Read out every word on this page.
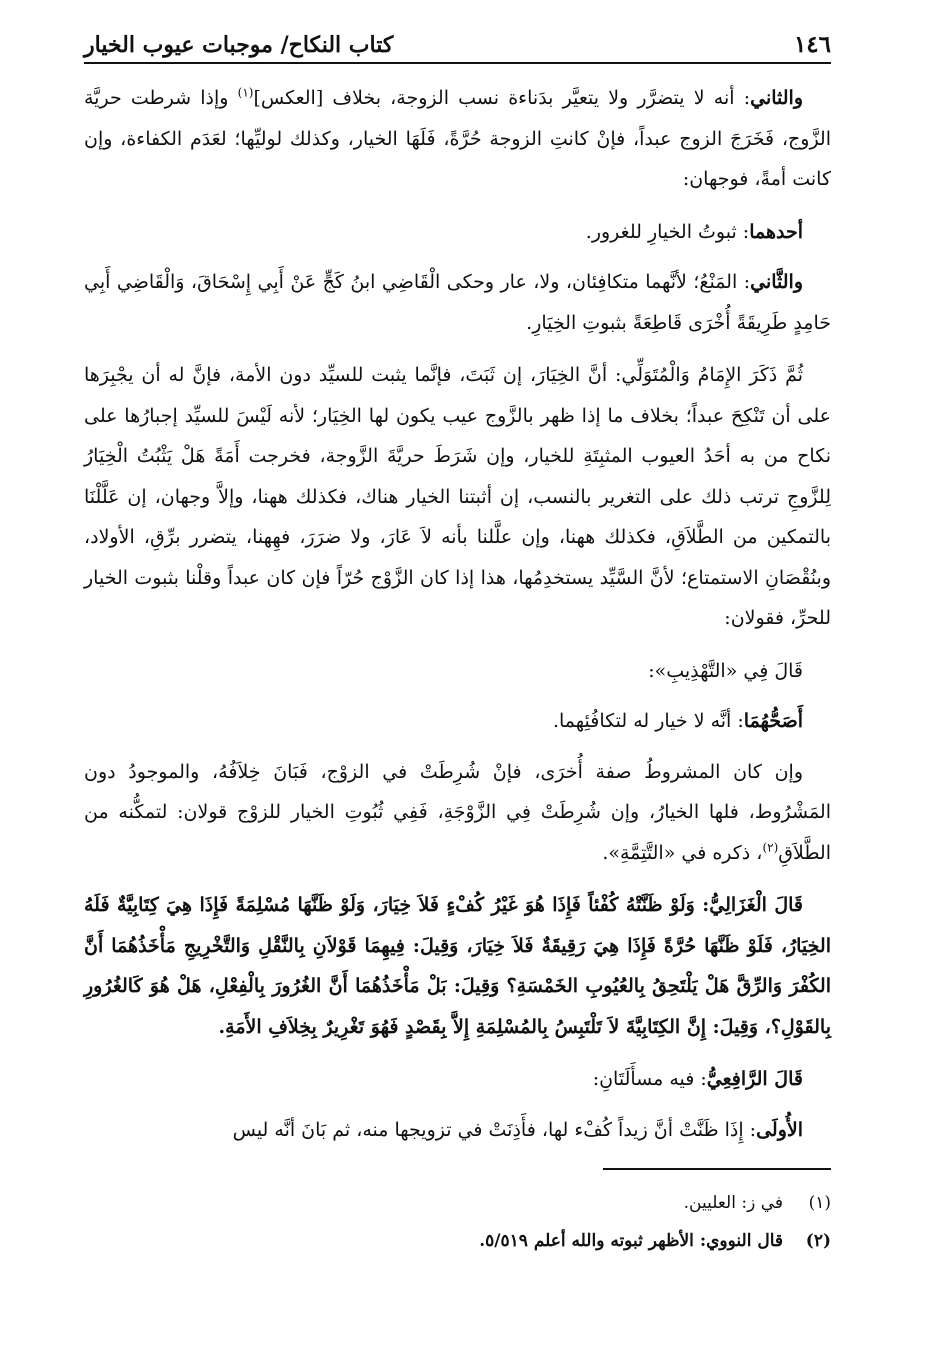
١٤٦
كتاب النكاح/ موجبات عيوب الخيار

والثاني: أنه لا يتضرَّر ولا يتعيَّر بدَناءة نسب الزوجة، بخلاف [العكس]$^{(١)}$ وإذا شرطت حريَّة الزَّوج، فَخَرَجَ الزوج عبداً، فإنْ كانتِ الزوجة حُرَّةً، فَلَهَا الخيار، وكذلك لوليِّها؛ لعَدَم الكفاءة، وإن كانت أمةً، فوجهان:

أحدهما: ثبوتُ الخيارِ للغرور.

والثَّاني: المَنْعُ؛ لأنَّهما متكافِئان، ولا، عار وحكى الْقَاضِي ابنُ كَجٍّ عَنْ أَبِي إِسْحَاقَ، وَالْقَاضِي أَبِي حَامِدٍ طَرِيقَةً أُخْرَى قَاطِعَةً بثبوتِ الخِيَارِ.

ثُمَّ ذَكَرَ الإِمَامُ وَالْمُتَوَلِّي: أنَّ الخِيَارَ، إن ثَبَتَ، فإنَّما يثبت للسيِّد دون الأمة، فإنَّ له أن يجْبِرَها على أن تَنْكِحَ عبداً؛ بخلاف ما إذا ظهر بالزَّوج عيب يكون لها الخِيَار؛ لأنه لَيْسَ للسيِّد إجبارُها على نكاح من به أحَدُ العيوب المثبِتَةِ للخيار، وإن شَرَطَ حريَّةَ الزَّوجة، فخرجت أَمَةً هَلْ يَثْبُتُ الْخِيَارُ لِلزَّوجِ ترتب ذلك على التغرير بالنسب، إن أثبتنا الخيار هناك، فكذلك ههنا، وإلاَّ وجهان، إن عَلَّلْنَا بالتمكين من الطَّلاَقِ، فكذلك ههنا، وإن علَّلنا بأنه لاَ عَارَ، ولا ضرَرَ، فهِهنا، يتضرر برِّقِ، الأولاد، وبنُقْصَانِ الاستمتاع؛ لأنَّ السَّيِّد يستخدِمُها، هذا إذا كان الزَّوْج حُرّاً فإن كان عبداً وقلْنا بثبوت الخيار للحرِّ، فقولان:

قَالَ فِي «التَّهْذِيبِ»:

أَصَحُّهُمَا: أنَّه لا خيار له لتكافُئِهما.

وإن كان المشروطُ صفة أُخرَى، فإنْ شُرِطَتْ في الزوْج، فَبَانَ خِلاَفُهُ، والموجودُ دون المَشْرُوط، فلها الخيارُ، وإن شُرِطَتْ فِي الزَّوْجَةِ، فَفِي ثُبُوتِ الخيار للزوْج قولان: لتمكُّنه من الطَّلاَقِ$^{(٢)}$، ذكره في «التَّتِمَّةِ».

قَالَ الْغَزَالِيُّ: وَلَوْ ظَنَّتْهُ كُفْئاً فَإِذَا هُوَ غَيْرُ كُفْءٍ فَلاَ خِيَارَ، وَلَوْ ظَنَّهَا مُسْلِمَةً فَإِذَا هِيَ كِتَابِيَّةٌ فَلَهُ الخِيَارُ، فَلَوْ ظَنَّهَا حُرَّةً فَإِذَا هِيَ رَقِيقَةٌ فَلاَ خِيَارَ، وَقِيلَ: فِيهِمَا قَوْلاَنِ بِالنَّقْلِ وَالتَّخْرِيجِ مَأْخَذُهُمَا أَنَّ الكُفْرَ وَالرِّقَّ هَلْ يَلْتَحِقُ بِالعُيُوبِ الخَمْسَةِ؟ وَقِيلَ: بَلْ مَأْخَذُهُمَا أَنَّ الغُرُورَ بِالْفِعْلِ، هَلْ هُوَ كَالغُرُورِ بِالقَوْلِ؟، وَقِيلَ: إِنَّ الكِتَابِيَّةَ لاَ تَلْتَبِسُ بِالمُسْلِمَةِ إِلاَّ بِقَصْدٍ فَهُوَ تَغْرِيرٌ بِخِلاَفِ الأَمَةِ.

قَالَ الرَّافِعِيُّ: فيه مسأَلَتَانِ:

الأُولَى: إِذَا ظَنَّتْ أنَّ زيداً كُفْء لها، فأَذِنَتْ في تزويجها منه، ثم بَانَ أنَّه ليس

(١)
في ز: العليين.
(٢)
قال النووي: الأظهر ثبوته والله أعلم ٥/٥١٩.
